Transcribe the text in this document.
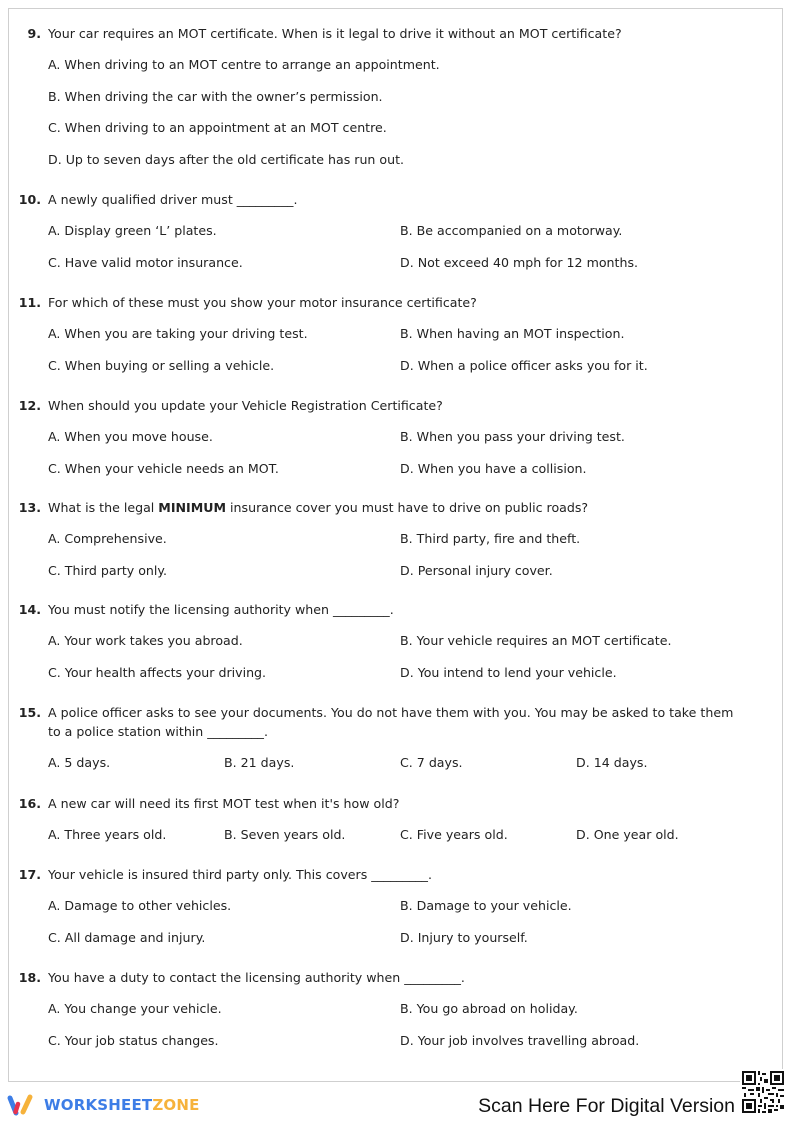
9. Your car requires an MOT certificate. When is it legal to drive it without an MOT certificate?
A. When driving to an MOT centre to arrange an appointment.
B. When driving the car with the owner’s permission.
C. When driving to an appointment at an MOT centre.
D. Up to seven days after the old certificate has run out.
10. A newly qualified driver must _________.
A. Display green ‘L’ plates.	B. Be accompanied on a motorway.
C. Have valid motor insurance.	D. Not exceed 40 mph for 12 months.
11. For which of these must you show your motor insurance certificate?
A. When you are taking your driving test.	B. When having an MOT inspection.
C. When buying or selling a vehicle.	D. When a police officer asks you for it.
12. When should you update your Vehicle Registration Certificate?
A. When you move house.	B. When you pass your driving test.
C. When your vehicle needs an MOT.	D. When you have a collision.
13. What is the legal MINIMUM insurance cover you must have to drive on public roads?
A. Comprehensive.	B. Third party, fire and theft.
C. Third party only.	D. Personal injury cover.
14. You must notify the licensing authority when _________.
A. Your work takes you abroad.	B. Your vehicle requires an MOT certificate.
C. Your health affects your driving.	D. You intend to lend your vehicle.
15. A police officer asks to see your documents. You do not have them with you. You may be asked to take them to a police station within _________.
A. 5 days.	B. 21 days.	C. 7 days.	D. 14 days.
16. A new car will need its first MOT test when it's how old?
A. Three years old.	B. Seven years old.	C. Five years old.	D. One year old.
17. Your vehicle is insured third party only. This covers _________.
A. Damage to other vehicles.	B. Damage to your vehicle.
C. All damage and injury.	D. Injury to yourself.
18. You have a duty to contact the licensing authority when _________.
A. You change your vehicle.	B. You go abroad on holiday.
C. Your job status changes.	D. Your job involves travelling abroad.
WORKSHEETZONE	Scan Here For Digital Version
